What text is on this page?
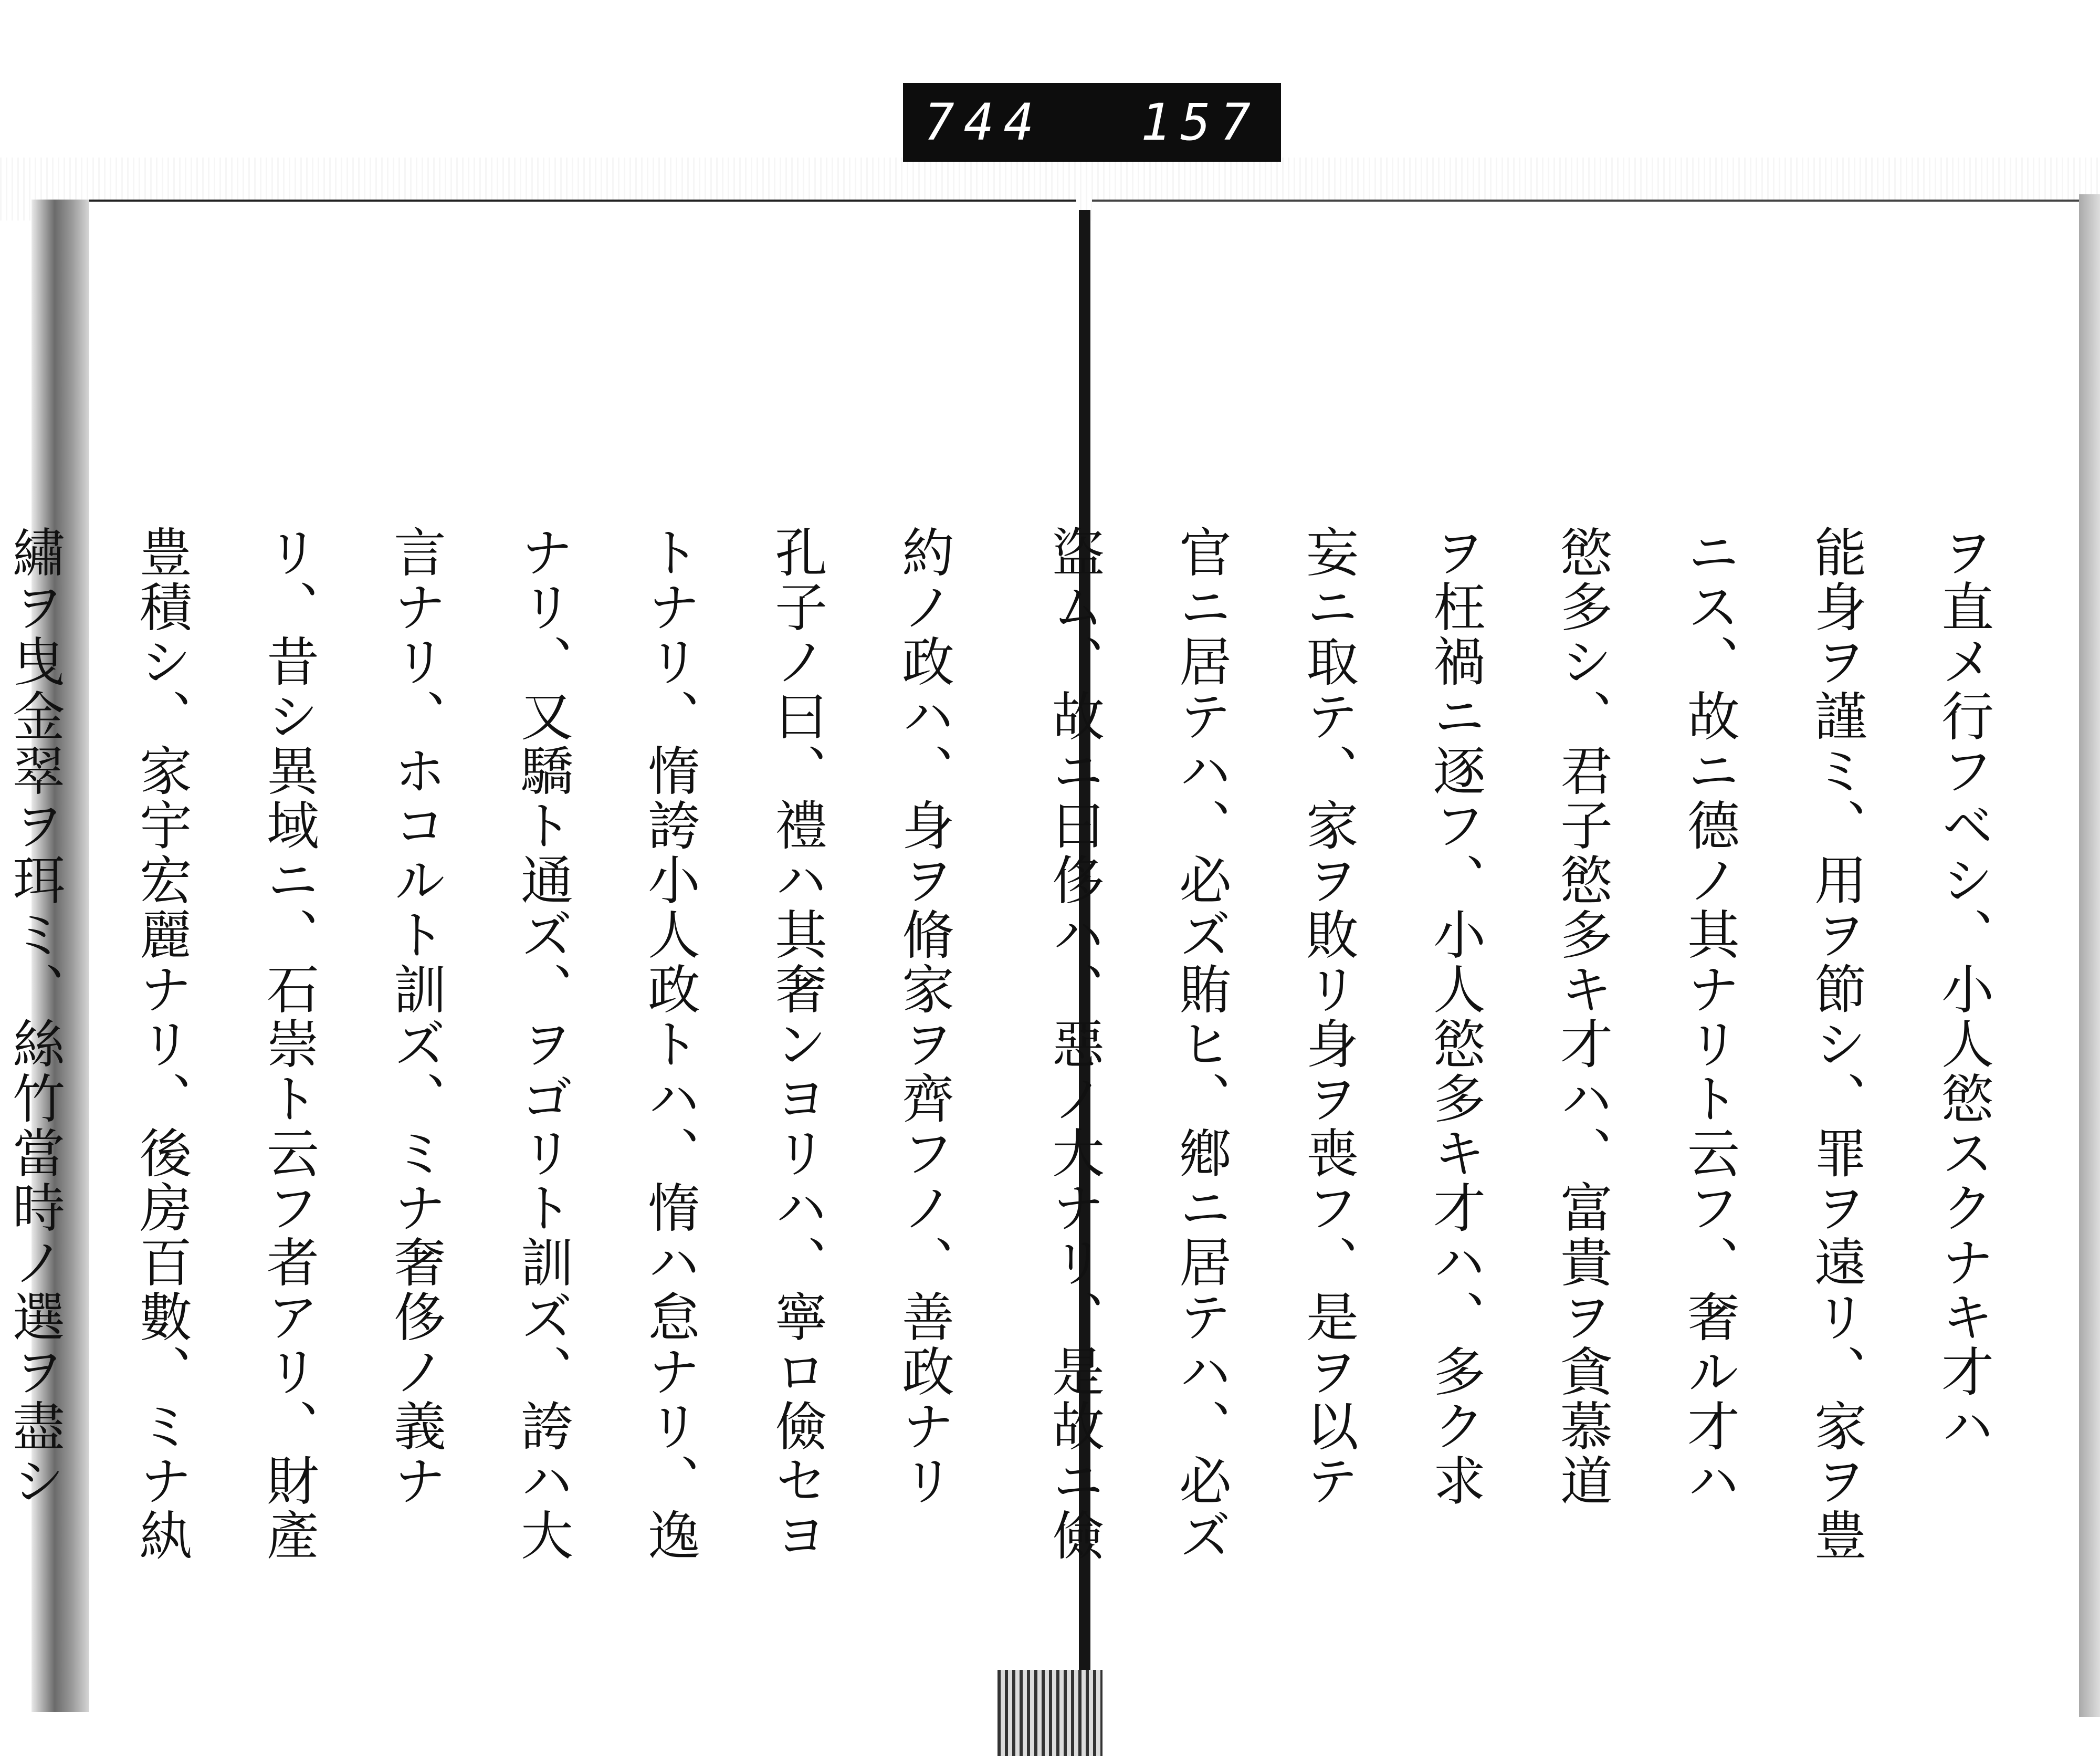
744 157
ヲ直メ行フベシ、小人慾スクナキ才ハ
能身ヲ謹ミ、用ヲ節シ、罪ヲ遠リ、家ヲ豊
ニス、故ニ德ノ其ナリト云フ、奢ル才ハ
慾多シ、君子慾多キ才ハ、富貴ヲ貪慕道
ヲ枉禍ニ逐フ、小人慾多キ才ハ、多ク求
妄ニ取テ、家ヲ敗リ身ヲ喪フ、是ヲ以テ
官ニ居テハ、必ズ賄ヒ、鄕ニ居テハ、必ズ
盜ム、故ニ曰侈ハ、惡ノ大ナリ、是故ニ儉
約ノ政ハ、身ヲ脩家ヲ齊フノ、善政ナリ
孔子ノ曰、禮ハ其奢ンヨリハ、寧ロ儉セヨ
トナリ、惰誇小人政トハ、惰ハ怠ナリ、逸
ナリ、又驕ト通ズ、ヲゴリト訓ズ、誇ハ大
言ナリ、ホコルト訓ズ、ミナ奢侈ノ義ナ
リ、昔シ異域ニ、石崇ト云フ者アリ、財產
豊積シ、家宇宏麗ナリ、後房百數、ミナ紈
繡ヲ曳金翠ヲ珥ミ、絲竹當時ノ選ヲ盡シ
